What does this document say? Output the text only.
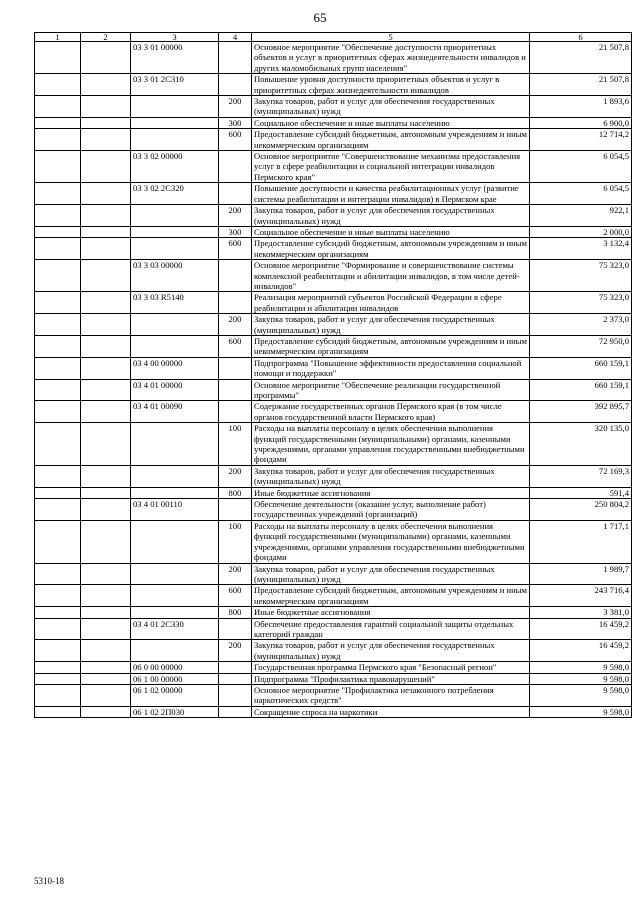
65
1	2	3	4	5	6
		03 3 01 00000		Основное мероприятие "Обеспечение доступности приоритетных объектов и услуг в приоритетных сферах жизнедеятельности инвалидов и других маломобильных групп населения"	21 507,8
		03 3 01 2С310		Повышение уровня доступности приоритетных объектов и услуг в приоритетных сферах жизнедеятельности инвалидов	21 507,8
			200	Закупка товаров, работ и услуг для обеспечения государственных (муниципальных) нужд	1 893,6
			300	Социальное обеспечение и иные выплаты населению	6 900,0
			600	Предоставление субсидий бюджетным, автономным учреждениям и иным некоммерческим организациям	12 714,2
		03 3 02 00000		Основное мероприятие "Совершенствование механизма предоставления услуг в сфере реабилитации и социальной интеграции инвалидов Пермского края"	6 054,5
		03 3 02 2С320		Повышение доступности и качества реабилитационных услуг (развитие системы реабилитации и интеграции инвалидов) в Пермском крае	6 054,5
			200	Закупка товаров, работ и услуг для обеспечения государственных (муниципальных) нужд	922,1
			300	Социальное обеспечение и иные выплаты населению	2 000,0
			600	Предоставление субсидий бюджетным, автономным учреждениям и иным некоммерческим организациям	3 132,4
		03 3 03 00000		Основное мероприятие "Формирование и совершенствование системы комплексной реабилитации и абилитации инвалидов, в том числе детей-инвалидов"	75 323,0
		03 3 03 R5140		Реализация мероприятий субъектов Российской Федерации в сфере реабилитации и абилитации инвалидов	75 323,0
			200	Закупка товаров, работ и услуг для обеспечения государственных (муниципальных) нужд	2 373,0
			600	Предоставление субсидий бюджетным, автономным учреждениям и иным некоммерческим организациям	72 950,0
		03 4 00 00000		Подпрограмма "Повышение эффективности предоставления социальной помощи и поддержки"	660 159,1
		03 4 01 00000		Основное мероприятие "Обеспечение реализации государственной программы"	660 159,1
		03 4 01 00090		Содержание государственных органов Пермского края (в том числе органов государственной власти Пермского края)	392 895,7
			100	Расходы на выплаты персоналу в целях обеспечения выполнения функций государственными (муниципальными) органами, казенными учреждениями, органами управления государственными внебюджетными фондами	320 135,0
			200	Закупка товаров, работ и услуг для обеспечения государственных (муниципальных) нужд	72 169,3
			800	Иные бюджетные ассигнования	591,4
		03 4 01 00110		Обеспечение деятельности (оказание услуг, выполнение работ) государственных учреждений (организаций)	250 804,2
			100	Расходы на выплаты персоналу в целях обеспечения выполнения функций государственными (муниципальными) органами, казенными учреждениями, органами управления государственными внебюджетными фондами	1 717,1
			200	Закупка товаров, работ и услуг для обеспечения государственных (муниципальных) нужд	1 989,7
			600	Предоставление субсидий бюджетным, автономным учреждениям и иным некоммерческим организациям	243 716,4
			800	Иные бюджетные ассигнования	3 381,0
		03 4 01 2С330		Обеспечение предоставления гарантий социальной защиты отдельных категорий граждан	16 459,2
			200	Закупка товаров, работ и услуг для обеспечения государственных (муниципальных) нужд	16 459,2
		06 0 00 00000		Государственная программа Пермского края "Безопасный регион"	9 598,0
		06 1 00 00000		Подпрограмма "Профилактика правонарушений"	9 598,0
		06 1 02 00000		Основное мероприятие "Профилактика незаконного потребления наркотических средств"	9 598,0
		06 1 02 2П030		Сокращение спроса на наркотики	9 598,0
5310-18
